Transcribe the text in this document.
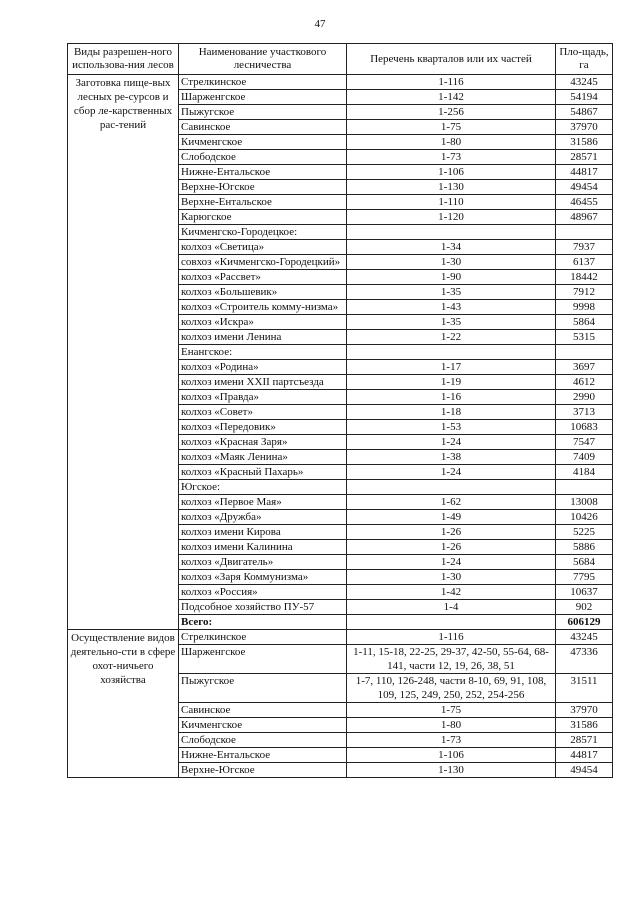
47
Виды разрешен-ного использова-ния лесов	Наименование участкового лесничества	Перечень кварталов или их частей	Пло-щадь, га
Заготовка пище-вых лесных ре-сурсов и сбор ле-карственных рас-тений	Стрелкинское	1-116	43245
	Шарженгское	1-142	54194
	Пыжугское	1-256	54867
	Савинское	1-75	37970
	Кичменгское	1-80	31586
	Слободское	1-73	28571
	Нижне-Ентальское	1-106	44817
	Верхне-Югское	1-130	49454
	Верхне-Ентальское	1-110	46455
	Карюгское	1-120	48967
	Кичменгско-Городецкое:		
	колхоз «Светица»	1-34	7937
	совхоз «Кичменгско-Городецкий»	1-30	6137
	колхоз «Рассвет»	1-90	18442
	колхоз «Большевик»	1-35	7912
	колхоз «Строитель комму-низма»	1-43	9998
	колхоз «Искра»	1-35	5864
	колхоз имени Ленина	1-22	5315
	Енангское:		
	колхоз «Родина»	1-17	3697
	колхоз имени XXII партсъезда	1-19	4612
	колхоз «Правда»	1-16	2990
	колхоз «Совет»	1-18	3713
	колхоз «Передовик»	1-53	10683
	колхоз «Красная Заря»	1-24	7547
	колхоз «Маяк Ленина»	1-38	7409
	колхоз «Красный Пахарь»	1-24	4184
	Югское:		
	колхоз «Первое Мая»	1-62	13008
	колхоз «Дружба»	1-49	10426
	колхоз имени Кирова	1-26	5225
	колхоз имени Калинина	1-26	5886
	колхоз «Двигатель»	1-24	5684
	колхоз «Заря Коммунизма»	1-30	7795
	колхоз «Россия»	1-42	10637
	Подсобное хозяйство ПУ-57	1-4	902
	Всего:		606129
Осуществление видов деятельно-сти в сфере охот-ничьего хозяйства	Стрелкинское	1-116	43245
	Шарженгское	1-11, 15-18, 22-25, 29-37, 42-50, 55-64, 68-141, части 12, 19, 26, 38, 51	47336
	Пыжугское	1-7, 110, 126-248, части 8-10, 69, 91, 108, 109, 125, 249, 250, 252, 254-256	31511
	Савинское	1-75	37970
	Кичменгское	1-80	31586
	Слободское	1-73	28571
	Нижне-Ентальское	1-106	44817
	Верхне-Югское	1-130	49454
